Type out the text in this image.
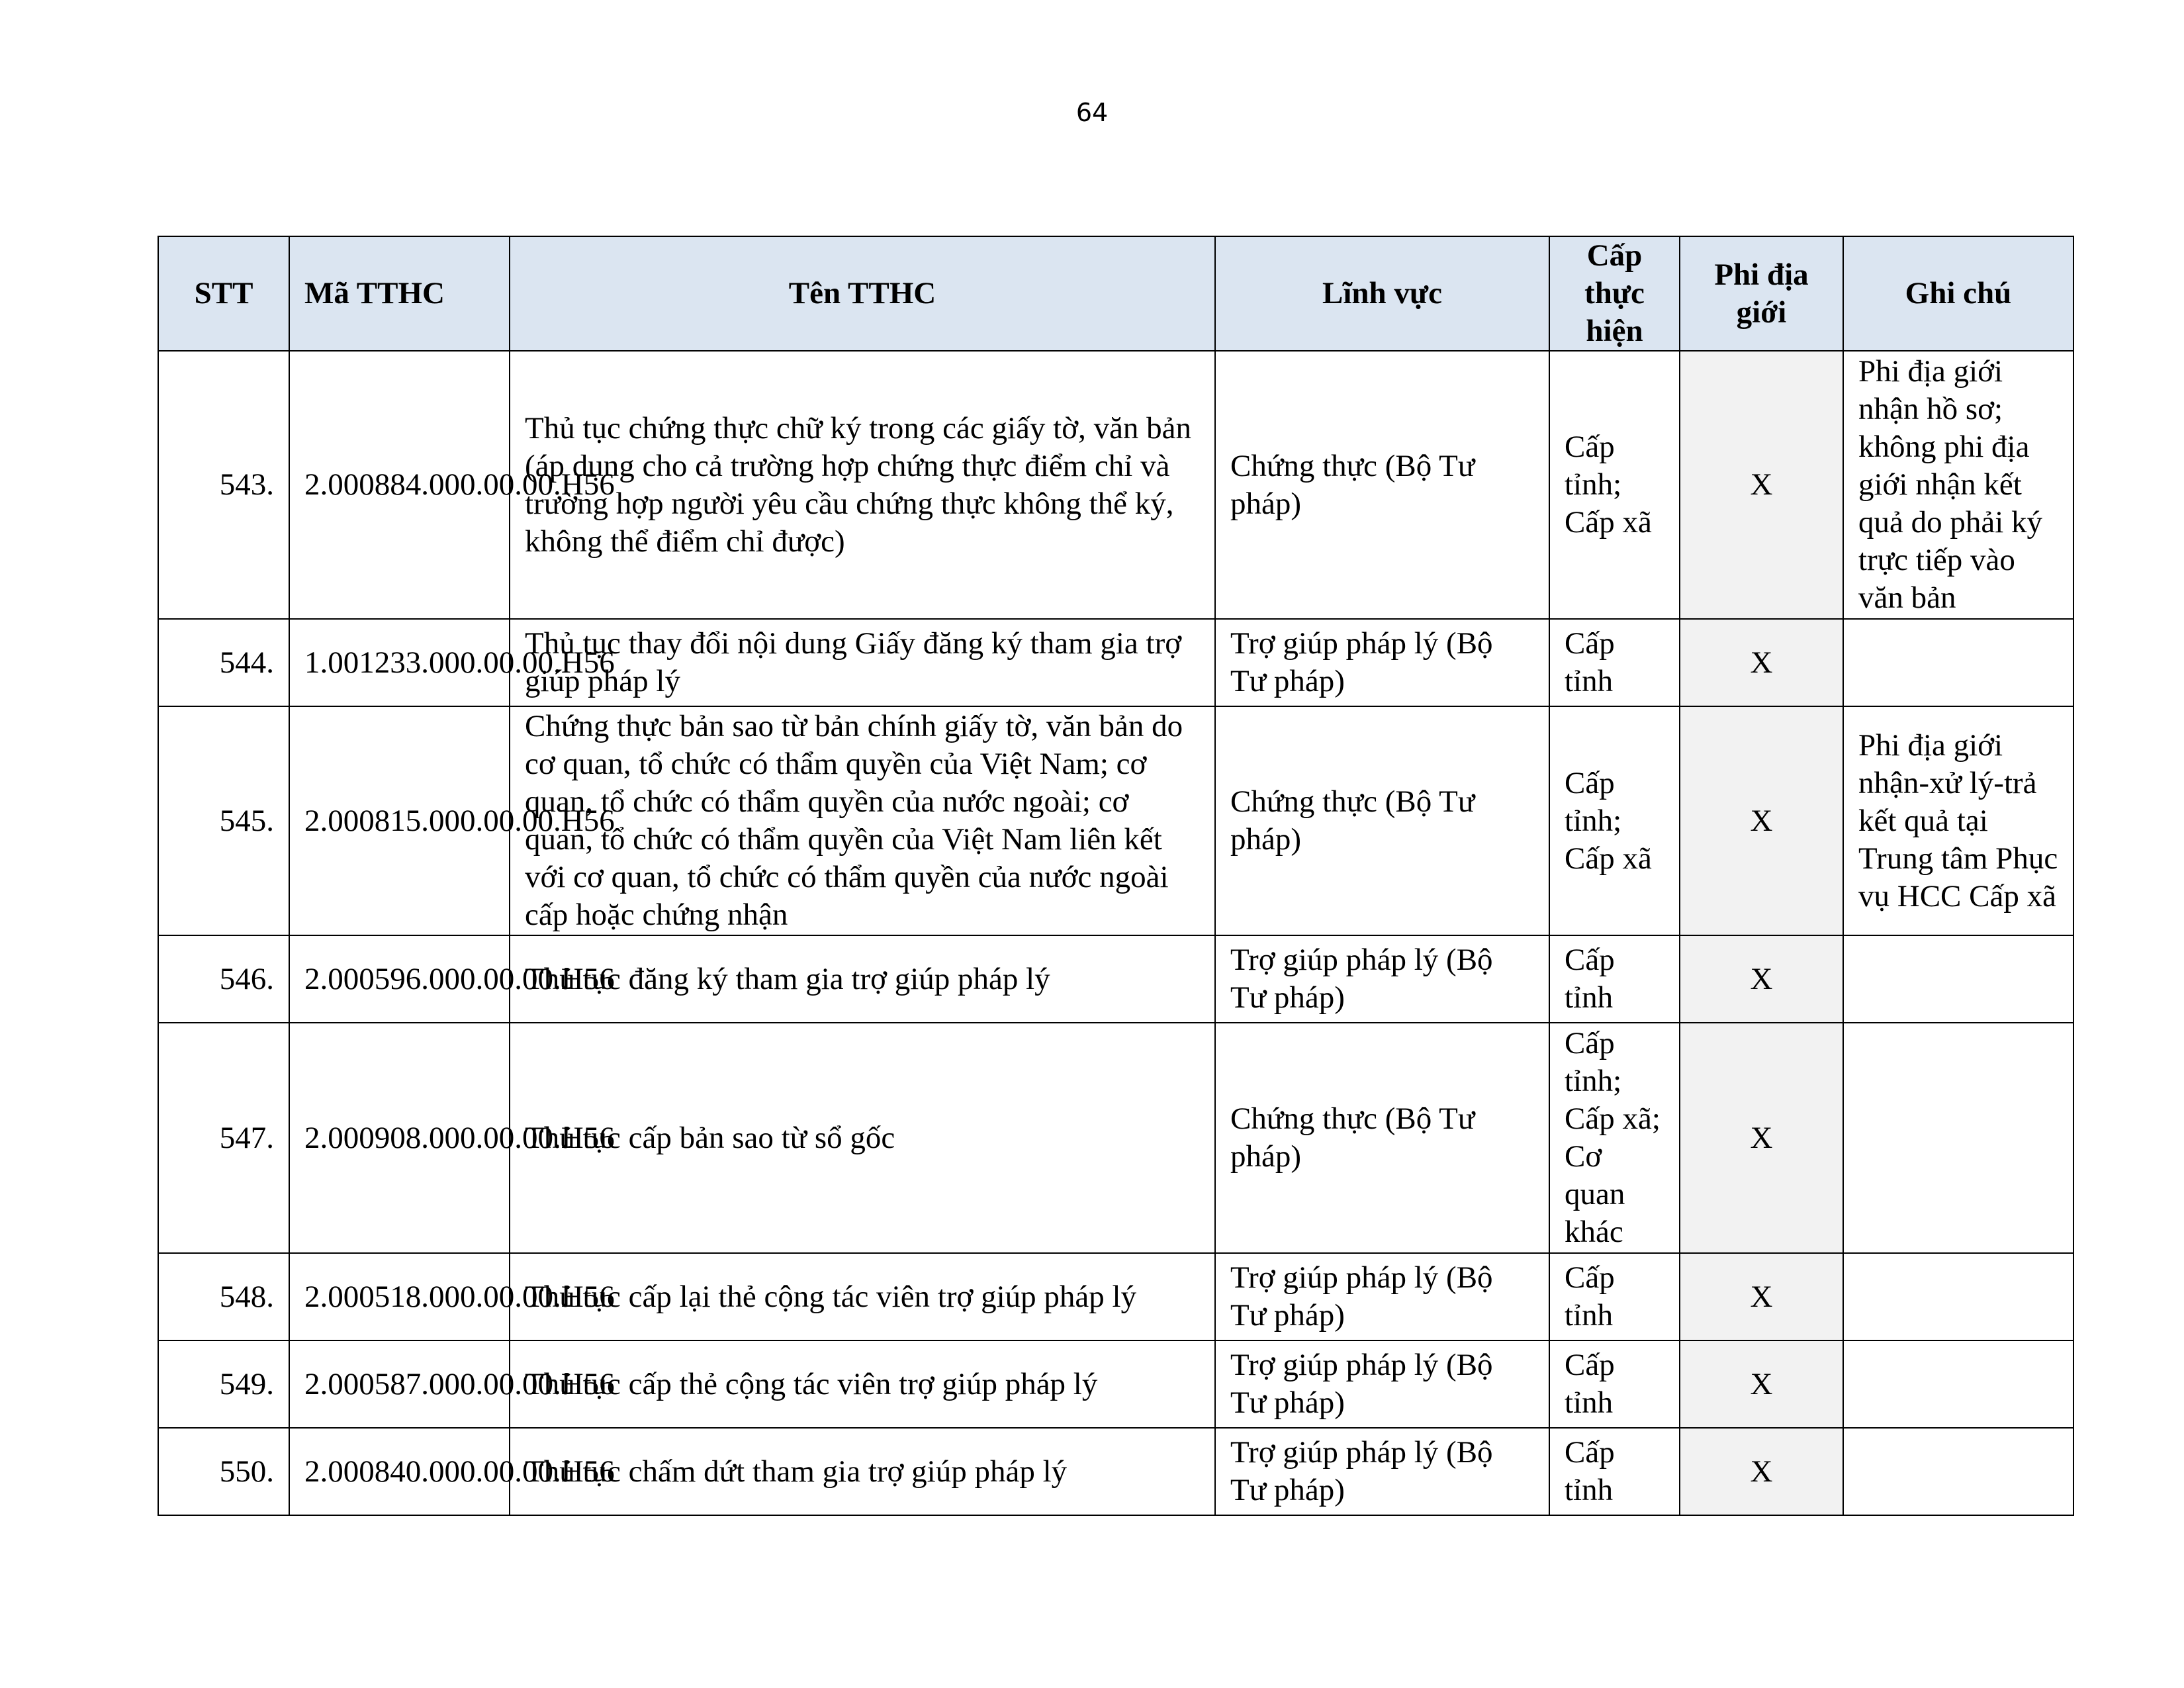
64
STT	Mã TTHC	Tên TTHC	Lĩnh vực	Cấp thực hiện	Phi địa giới	Ghi chú
543.	2.000884.000.00.00.H56	Thủ tục chứng thực chữ ký trong các giấy tờ, văn bản (áp dụng cho cả trường hợp chứng thực điểm chỉ và trường hợp người yêu cầu chứng thực không thể ký, không thể điểm chỉ được)	Chứng thực (Bộ Tư pháp)	Cấp tỉnh; Cấp xã	X	Phi địa giới nhận hồ sơ; không phi địa giới nhận kết quả do phải ký trực tiếp vào văn bản
544.	1.001233.000.00.00.H56	Thủ tục thay đổi nội dung Giấy đăng ký tham gia trợ giúp pháp lý	Trợ giúp pháp lý (Bộ Tư pháp)	Cấp tỉnh	X	
545.	2.000815.000.00.00.H56	Chứng thực bản sao từ bản chính giấy tờ, văn bản do cơ quan, tổ chức có thẩm quyền của Việt Nam; cơ quan, tổ chức có thẩm quyền của nước ngoài; cơ quan, tổ chức có thẩm quyền của Việt Nam liên kết với cơ quan, tổ chức có thẩm quyền của nước ngoài cấp hoặc chứng nhận	Chứng thực (Bộ Tư pháp)	Cấp tỉnh; Cấp xã	X	Phi địa giới nhận-xử lý-trả kết quả tại Trung tâm Phục vụ HCC Cấp xã
546.	2.000596.000.00.00.H56	Thủ tục đăng ký tham gia trợ giúp pháp lý	Trợ giúp pháp lý (Bộ Tư pháp)	Cấp tỉnh	X	
547.	2.000908.000.00.00.H56	Thủ tục cấp bản sao từ sổ gốc	Chứng thực (Bộ Tư pháp)	Cấp tỉnh; Cấp xã; Cơ quan khác	X	
548.	2.000518.000.00.00.H56	Thủ tục cấp lại thẻ cộng tác viên trợ giúp pháp lý	Trợ giúp pháp lý (Bộ Tư pháp)	Cấp tỉnh	X	
549.	2.000587.000.00.00.H56	Thủ tục cấp thẻ cộng tác viên trợ giúp pháp lý	Trợ giúp pháp lý (Bộ Tư pháp)	Cấp tỉnh	X	
550.	2.000840.000.00.00.H56	Thủ tục chấm dứt tham gia trợ giúp pháp lý	Trợ giúp pháp lý (Bộ Tư pháp)	Cấp tỉnh	X	
